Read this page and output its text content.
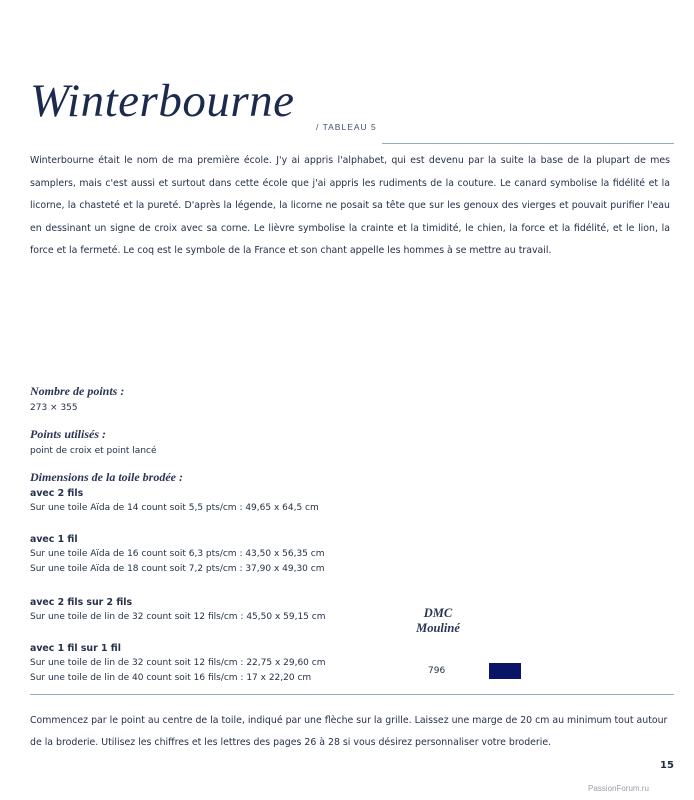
Winterbourne	/ TABLEAU 5

Winterbourne était le nom de ma première école. J'y ai appris l'alphabet, qui est devenu par la suite la base de la plupart de mes samplers, mais c'est aussi et surtout dans cette école que j'ai appris les rudiments de la couture. Le canard symbolise la fidélité et la licorne, la chasteté et la pureté. D'après la légende, la licorne ne posait sa tête que sur les genoux des vierges et pouvait purifier l'eau en dessinant un signe de croix avec sa corne. Le lièvre symbolise la crainte et la timidité, le chien, la force et la fidélité, et le lion, la force et la fermeté. Le coq est le symbole de la France et son chant appelle les hommes à se mettre au travail.

Nombre de points :
273 × 355
Points utilisés :
point de croix et point lancé
Dimensions de la toile brodée :
avec 2 fils
Sur une toile Aïda de 14 count soit 5,5 pts/cm : 49,65 x 64,5 cm
avec 1 fil
Sur une toile Aïda de 16 count soit 6,3 pts/cm : 43,50 x 56,35 cm
Sur une toile Aïda de 18 count soit 7,2 pts/cm : 37,90 x 49,30 cm
avec 2 fils sur 2 fils
Sur une toile de lin de 32 count soit 12 fils/cm : 45,50 x 59,15 cm
avec 1 fil sur 1 fil
Sur une toile de lin de 32 count soit 12 fils/cm : 22,75 x 29,60 cm
Sur une toile de lin de 40 count soit 16 fils/cm : 17 x 22,20 cm
DMC
Mouliné
796

Commencez par le point au centre de la toile, indiqué par une flèche sur la grille. Laissez une marge de 20 cm au minimum tout autour de la broderie. Utilisez les chiffres et les lettres des pages 26 à 28 si vous désirez personnaliser votre broderie.

15
PassionForum.ru
